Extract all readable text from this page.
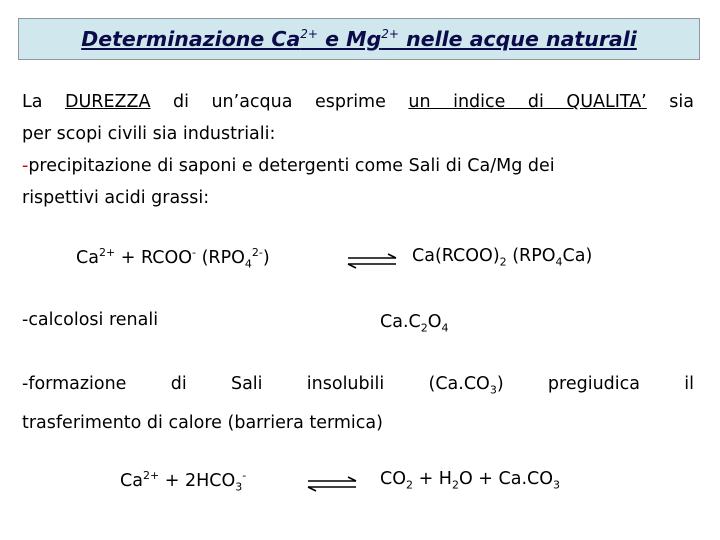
Determinazione $Ca^{2+}$ e $Mg^{2+}$ nelle acque naturali
La DUREZZA di un’acqua esprime un indice di QUALITA’ sia
per scopi civili sia industriali:
-precipitazione di saponi e detergenti come Sali di Ca/Mg dei
rispettivi acidi grassi:
$Ca^{2+}$ + RCOO- $(RPO_4^{2-})$	⇌ $Ca(RCOO)_2$ $(RPO_4Ca)$
-calcolosi renali	$Ca.C_2O_4$
-formazione	di	Sali	insolubili	$(Ca.CO_3)$	pregiudica	il
trasferimento di calore (barriera termica)
$Ca^{2+} + 2HCO_3^-$ ⇌ $CO_2 + H_2O + Ca.CO_3$
